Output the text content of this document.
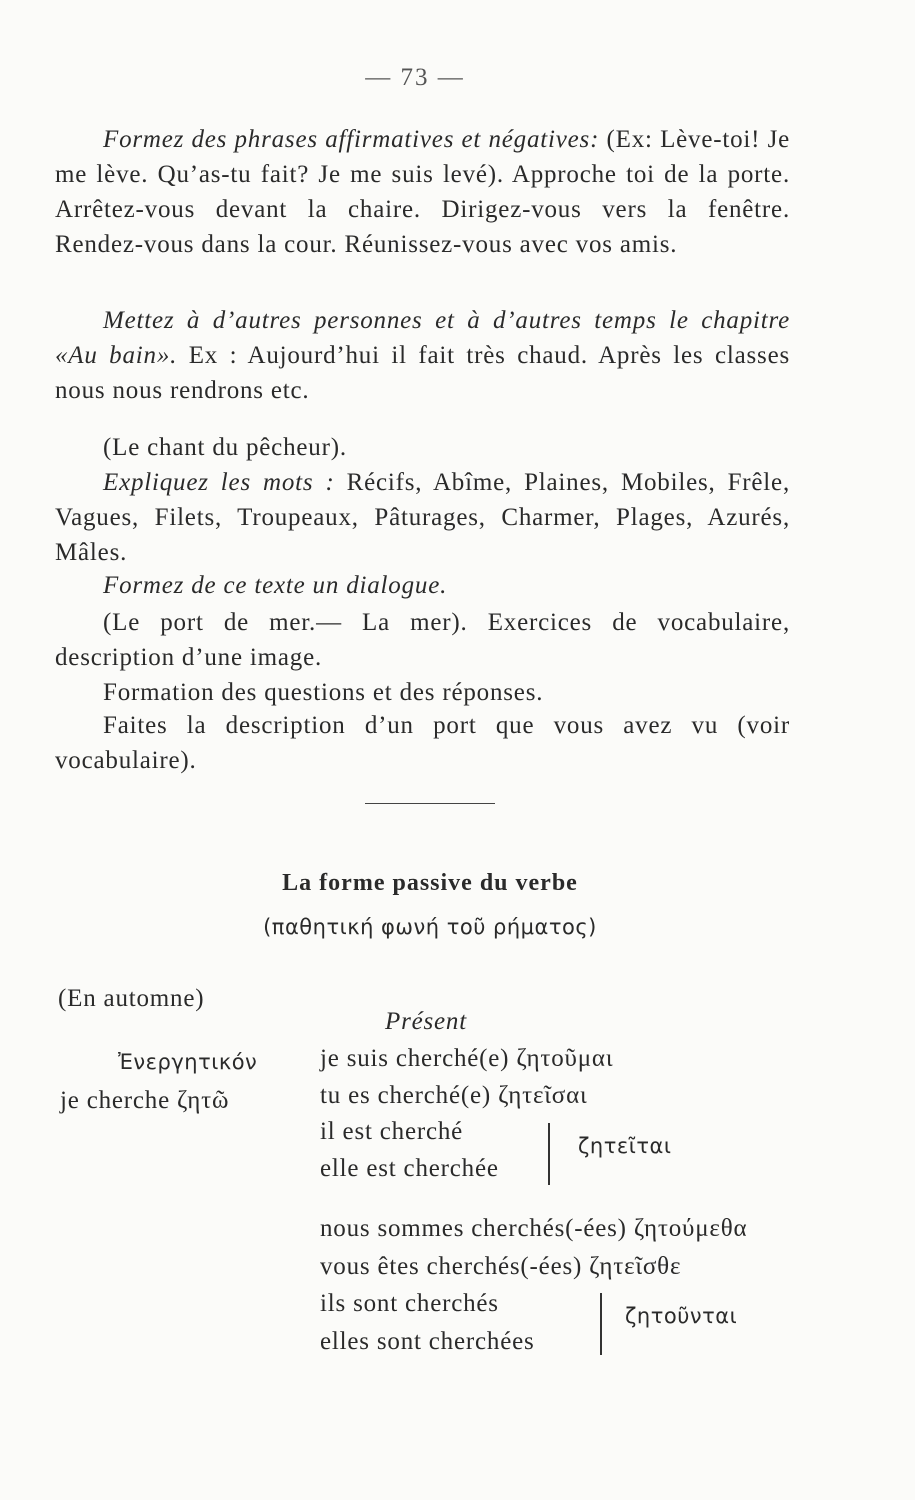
— 73 —
Formez des phrases affirmatives et négatives: (Ex: Lève-toi! Je me lève. Qu’as-tu fait? Je me suis levé). Approche toi de la porte. Arrêtez-vous devant la chaire. Dirigez-vous vers la fenêtre. Rendez-vous dans la cour. Réunissez-vous avec vos amis.
Mettez à d’autres personnes et à d’autres temps le chapitre «Au bain». Ex : Aujourd’hui il fait très chaud. Après les classes nous nous rendrons etc.
(Le chant du pêcheur).
Expliquez les mots : Récifs, Abîme, Plaines, Mobiles, Frêle, Vagues, Filets, Troupeaux, Pâturages, Charmer, Plages, Azurés, Mâles.
Formez de ce texte un dialogue.
(Le port de mer.— La mer). Exercices de vocabulaire, description d’une image.
Formation des questions et des réponses.
Faites la description d’un port que vous avez vu (voir vocabulaire).
La forme passive du verbe
(παθητική φωνή τοῦ ρήματος)
(En automne)
Présent
Ἐνεργητικόν
je cherche ζητῶ
je suis cherché(e) ζητοῦμαι
tu es cherché(e) ζητεῖσαι
il est cherché
elle est cherchée
ζητεῖται
nous sommes cherchés(-ées) ζητούμεθα
vous êtes cherchés(-ées) ζητεῖσθε
ils sont cherchés
elles sont cherchées
ζητοῦνται
